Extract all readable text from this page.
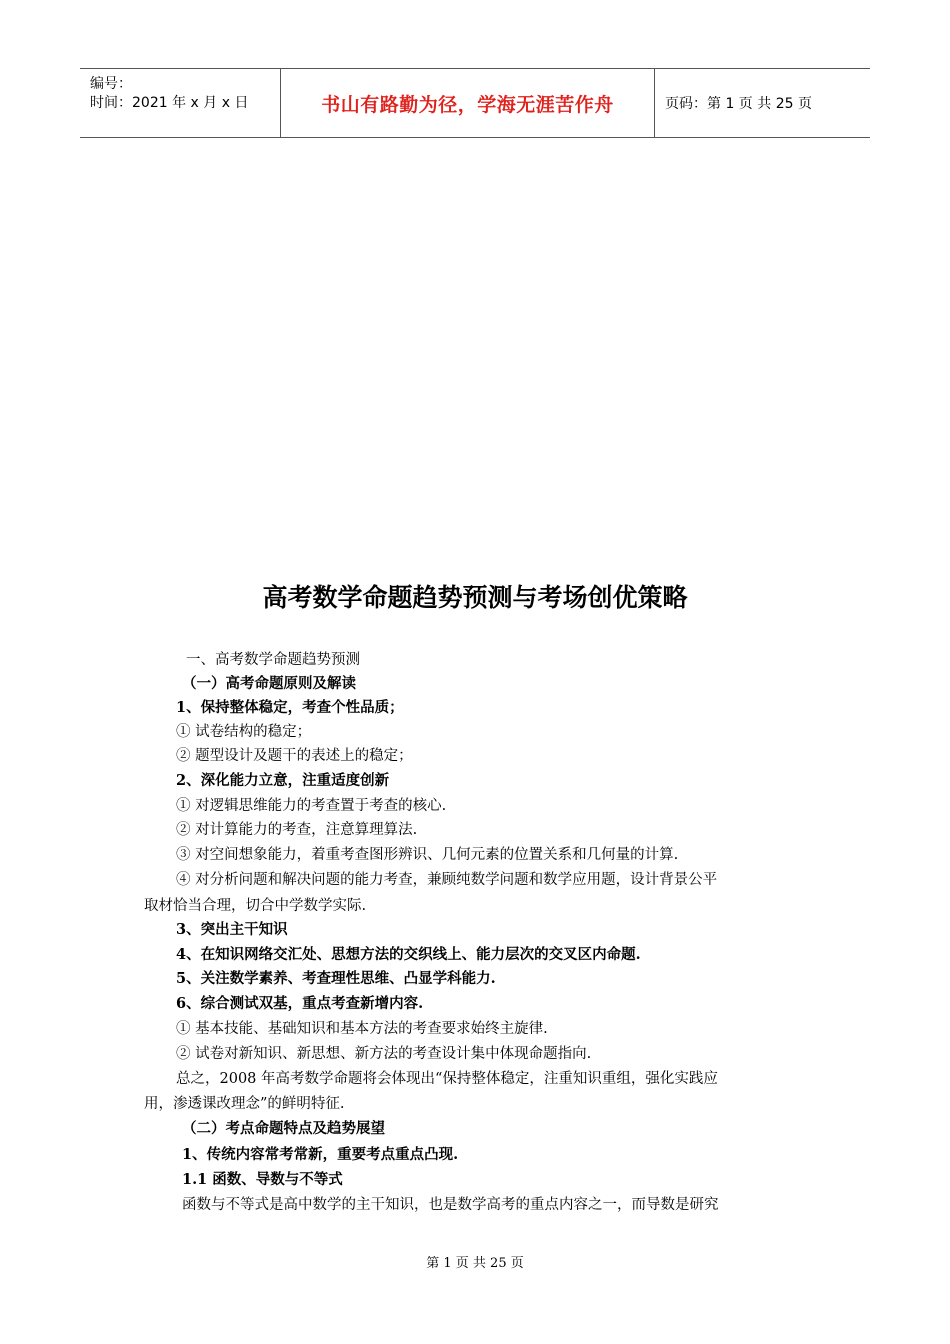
编号：
时间：2021 年 x 月 x 日	书山有路勤为径，学海无涯苦作舟	页码：第 1 页 共 25 页
高考数学命题趋势预测与考场创优策略
一、高考数学命题趋势预测
（一）高考命题原则及解读
1、保持整体稳定，考查个性品质；
① 试卷结构的稳定；
② 题型设计及题干的表述上的稳定；
2、深化能力立意，注重适度创新
① 对逻辑思维能力的考查置于考查的核心.
② 对计算能力的考查，注意算理算法.
③ 对空间想象能力，着重考查图形辨识、几何元素的位置关系和几何量的计算.
④ 对分析问题和解决问题的能力考查，兼顾纯数学问题和数学应用题，设计背景公平
取材恰当合理，切合中学数学实际.
3、突出主干知识
4、在知识网络交汇处、思想方法的交织线上、能力层次的交叉区内命题.
5、关注数学素养、考查理性思维、凸显学科能力.
6、综合测试双基，重点考查新增内容.
① 基本技能、基础知识和基本方法的考查要求始终主旋律.
② 试卷对新知识、新思想、新方法的考查设计集中体现命题指向.
总之，2008 年高考数学命题将会体现出“保持整体稳定，注重知识重组，强化实践应
用，渗透课改理念”的鲜明特征.
（二）考点命题特点及趋势展望
1、传统内容常考常新，重要考点重点凸现.
1.1 函数、导数与不等式
函数与不等式是高中数学的主干知识，也是数学高考的重点内容之一，而导数是研究
第 1 页 共 25 页
